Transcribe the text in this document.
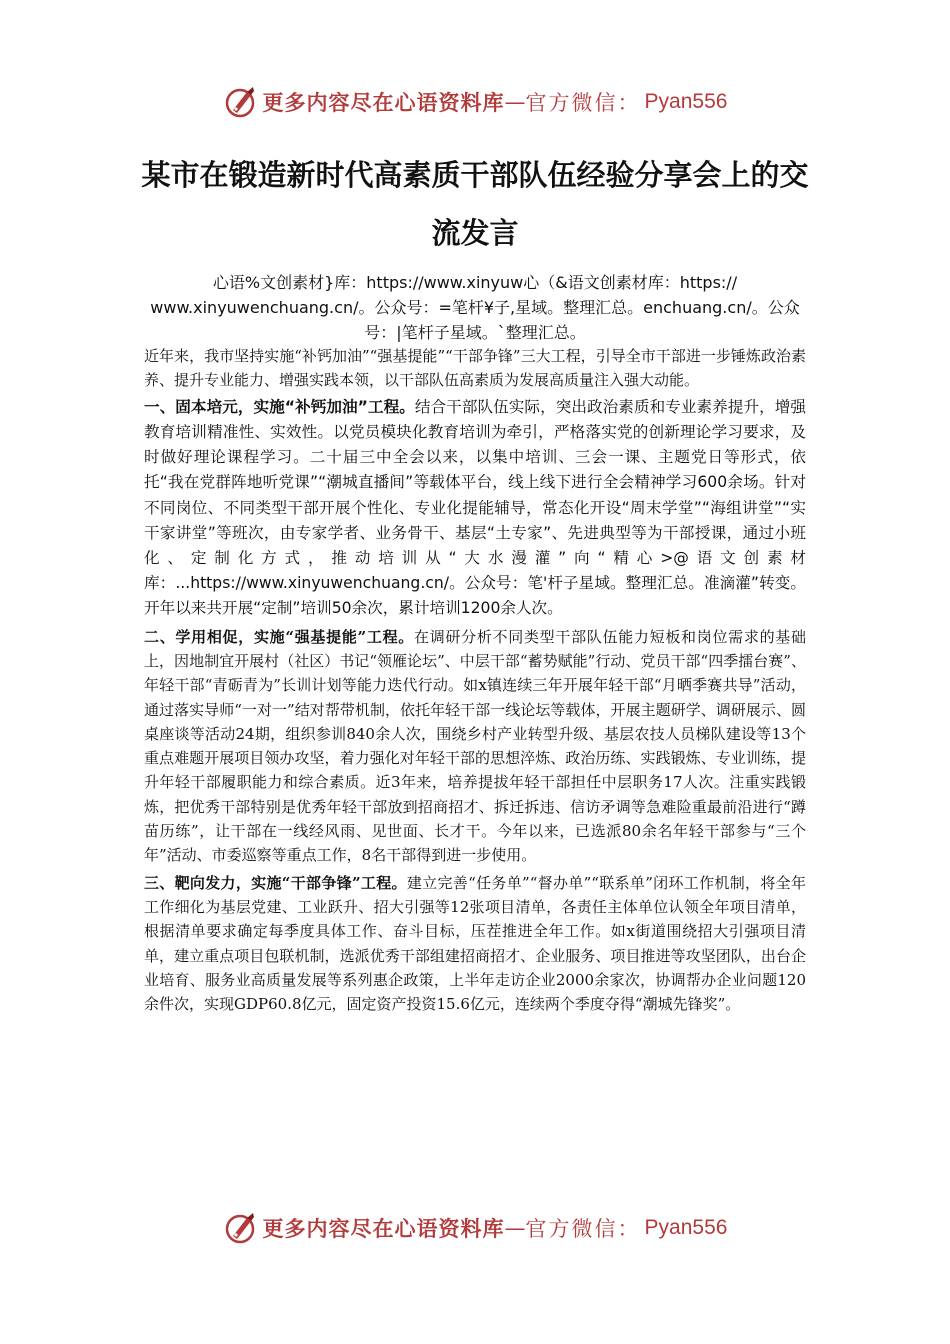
更多内容尽在心语资料库 — 官方微信： Pyan556
某市在锻造新时代高素质干部队伍经验分享会上的交流发言
心语%文创素材}库：https://www.xinyuw心（&语文创素材库：https:// www.xinyuwenchuang.cn/。公众号：=笔杆¥子,星域。整理汇总。enchuang.cn/。公众号：|笔杆子星域。`整理汇总。

近年来，我市坚持实施“补钙加油”“强基提能”“干部争锋”三大工程，引导全市干部进一步锤炼政治素养、提升专业能力、增强实践本领，以干部队伍高素质为发展高质量注入强大动能。

一、固本培元，实施“补钙加油”工程。结合干部队伍实际，突出政治素质和专业素养提升，增强教育培训精准性、实效性。以党员模块化教育培训为牵引，严格落实党的创新理论学习要求，及时做好理论课程学习。二十届三中全会以来，以集中培训、三会一课、主题党日等形式，依托“我在党群阵地听党课”“潮城直播间”等载体平台，线上线下进行全会精神学习600余场。针对不同岗位、不同类型干部开展个性化、专业化提能辅导，常态化开设“周末学堂”“海组讲堂”“实干家讲堂”等班次，由专家学者、业务骨干、基层“土专家”、先进典型等为干部授课，通过小班化、定制化方式，推动培训从“大水漫灌”向“精心>@语文创素材库：...https://www.xinyuwenchuang.cn/。公众号：笔'杆子星域。整理汇总。准滴灌”转变。开年以来共开展“定制”培训50余次，累计培训1200余人次。

二、学用相促，实施“强基提能”工程。在调研分析不同类型干部队伍能力短板和岗位需求的基础上，因地制宜开展村（社区）书记“领雁论坛”、中层干部“蓄势赋能”行动、党员干部“四季擂台赛”、年轻干部“青砺青为”长训计划等能力迭代行动。如x镇连续三年开展年轻干部“月晒季赛共导”活动，通过落实导师“一对一”结对帮带机制，依托年轻干部一线论坛等载体，开展主题研学、调研展示、圆桌座谈等活动24期，组织参训840余人次，围绕乡村产业转型升级、基层农技人员梯队建设等13个重点难题开展项目领办攻坚，着力强化对年轻干部的思想淬炼、政治历练、实践锻炼、专业训练，提升年轻干部履职能力和综合素质。近3年来，培养提拔年轻干部担任中层职务17人次。注重实践锻炼，把优秀干部特别是优秀年轻干部放到招商招才、拆迁拆违、信访矛调等急难险重最前沿进行“蹲苗历练”，让干部在一线经风雨、见世面、长才干。今年以来，已选派80余名年轻干部参与“三个年”活动、市委巡察等重点工作，8名干部得到进一步使用。

三、靶向发力，实施“干部争锋”工程。建立完善“任务单”“督办单”“联系单”闭环工作机制，将全年工作细化为基层党建、工业跃升、招大引强等12张项目清单，各责任主体单位认领全年项目清单，根据清单要求确定每季度具体工作、奋斗目标，压茬推进全年工作。如x街道围绕招大引强项目清单，建立重点项目包联机制，选派优秀干部组建招商招才、企业服务、项目推进等攻坚团队，出台企业培育、服务业高质量发展等系列惠企政策，上半年走访企业2000余家次，协调帮办企业问题120余件次，实现GDP60.8亿元，固定资产投资15.6亿元，连续两个季度夺得“潮城先锋奖”。

更多内容尽在心语资料库 — 官方微信： Pyan556
